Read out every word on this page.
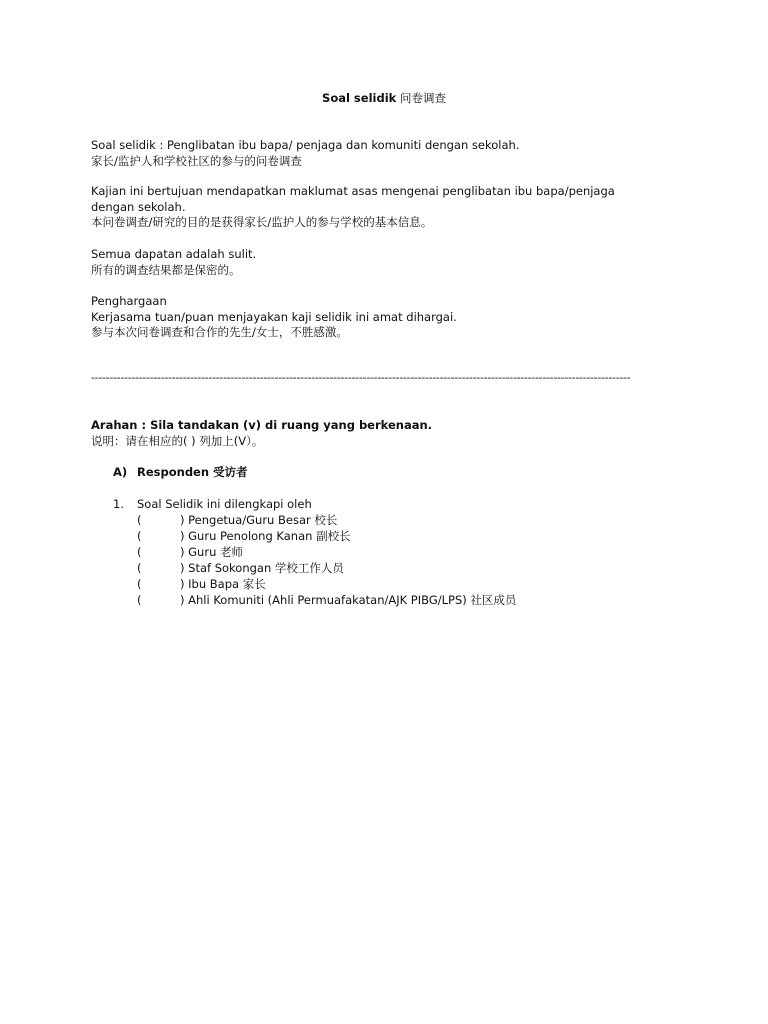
Soal selidik 问卷调查
Soal selidik : Penglibatan ibu bapa/ penjaga dan komuniti dengan sekolah.
家长/监护人和学校社区的参与的问卷调查
Kajian ini bertujuan mendapatkan maklumat asas mengenai penglibatan ibu bapa/penjaga
dengan sekolah.
本问卷调查/研究的目的是获得家长/监护人的参与学校的基本信息。
Semua dapatan adalah sulit.
所有的调查结果都是保密的。
Penghargaan
Kerjasama tuan/puan menjayakan kaji selidik ini amat dihargai.
参与本次问卷调查和合作的先生/女士，不胜感激。
---------------------------------------------------------------------------------------------------------------------------------------------------
Arahan : Sila tandakan (v) di ruang yang berkenaan.
说明：请在相应的( ) 列加上(V）。
A) Responden 受访者
1. Soal Selidik ini dilengkapi oleh
(	) Pengetua/Guru Besar 校长
(	) Guru Penolong Kanan 副校长
(	) Guru 老师
(	) Staf Sokongan 学校工作人员
(	) Ibu Bapa 家长
(	) Ahli Komuniti (Ahli Permuafakatan/AJK PIBG/LPS) 社区成员
